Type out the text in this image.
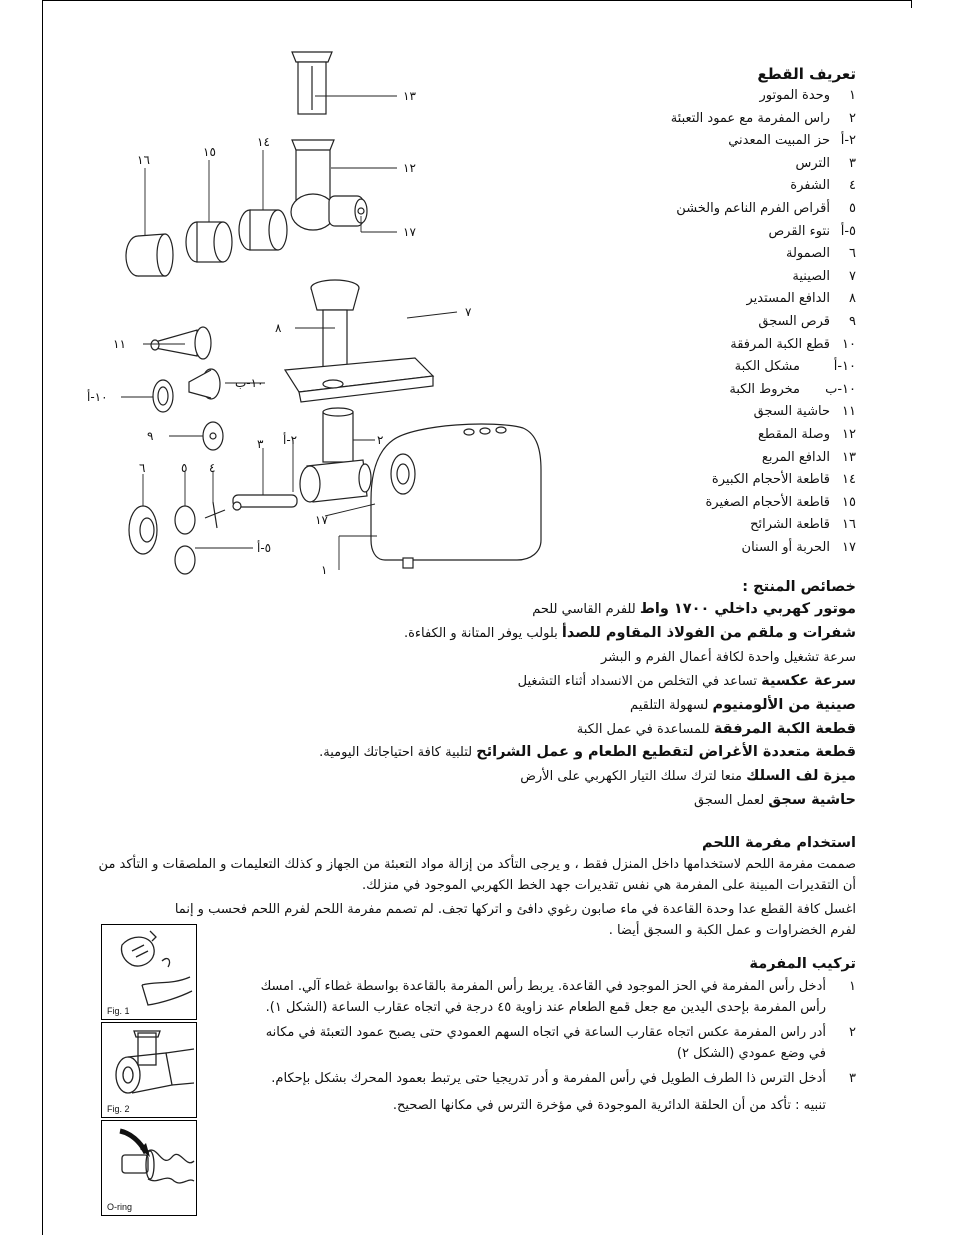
١٣
١٢
١٧
١٦
١٥
١٤
١١
٨
٧
١٠-ب
١٠-أ
٩	٢
٢-أ
٣
٦	٥ ٤
٥-أ
١٧
١
تعريف القطع
١
وحدة الموتور
٢
راس المفرمة مع عمود التعبئة
٢-أ
حز المبيت المعدني
٣
الترس
٤
الشفرة
٥
أقراص الفرم الناعم والخشن
٥-أ
نتوء القرص
٦
الصمولة
٧
الصينية
٨
الدافع المستدير
٩
قرص السجق
١٠
قطع الكبة المرفقة
١٠-أ
مشكل الكبة
١٠-ب
مخروط الكبة
١١
حاشية السجق
١٢
وصلة المقطع
١٣
الدافع المربع
١٤
قاطعة الأحجام الكبيرة
١٥
قاطعة الأحجام الصغيرة
١٦
قاطعة الشرائح
١٧
الحربة أو السنان
خصائص المنتج :
موتور كهربي داخلي ١٧٠٠ واط للفرم القاسي للحم
شفرات و ملقم من الفولاذ المقاوم للصدأ بلولب يوفر المتانة و الكفاءة.
سرعة تشغيل واحدة لكافة أعمال الفرم و البشر
سرعة عكسية تساعد في التخلص من الانسداد أثناء التشغيل
صينية من الألومنيوم لسهولة التلقيم
قطعة الكبة المرفقة للمساعدة في عمل الكبة
قطعة متعددة الأغراض لتقطيع الطعام و عمل الشرائح لتلبية كافة احتياجاتك اليومية.
ميزة لف السلك منعا لترك سلك التيار الكهربي على الأرض
حاشية سجق لعمل السجق
استخدام مفرمة اللحم
صممت مفرمة اللحم لاستخدامها داخل المنزل فقط ، و يرجى التأكد من إزالة مواد التعبئة من الجهاز و كذلك التعليمات و الملصقات و التأكد من أن التقديرات المبينة على المفرمة هي نفس تقديرات جهد الخط الكهربي الموجود في منزلك.
اغسل كافة القطع عدا وحدة القاعدة في ماء صابون رغوي دافئ و اتركها تجف. لم تصمم مفرمة اللحم لفرم اللحم فحسب و إنما لفرم الخضراوات و عمل الكبة و السجق أيضا .
تركيب المفرمة
١
أدخل رأس المفرمة في الحز الموجود في القاعدة. يربط رأس المفرمة بالقاعدة بواسطة غطاء آلي. امسك رأس المفرمة بإحدى اليدين مع جعل قمع الطعام عند زاوية ٤٥ درجة في اتجاه عقارب الساعة (الشكل ١).
٢
أدر راس المفرمة عكس اتجاه عقارب الساعة في اتجاه السهم العمودي حتى يصبح عمود التعبئة في مكانه في وضع عمودي (الشكل ٢)
٣
أدخل الترس ذا الطرف الطويل في رأس المفرمة و أدر تدريجيا حتى يرتبط بعمود المحرك بشكل بإحكام.
تنبيه : تأكد من أن الحلقة الدائرية الموجودة في مؤخرة الترس في مكانها الصحيح.
Fig. 1
Fig. 2
O-ring
